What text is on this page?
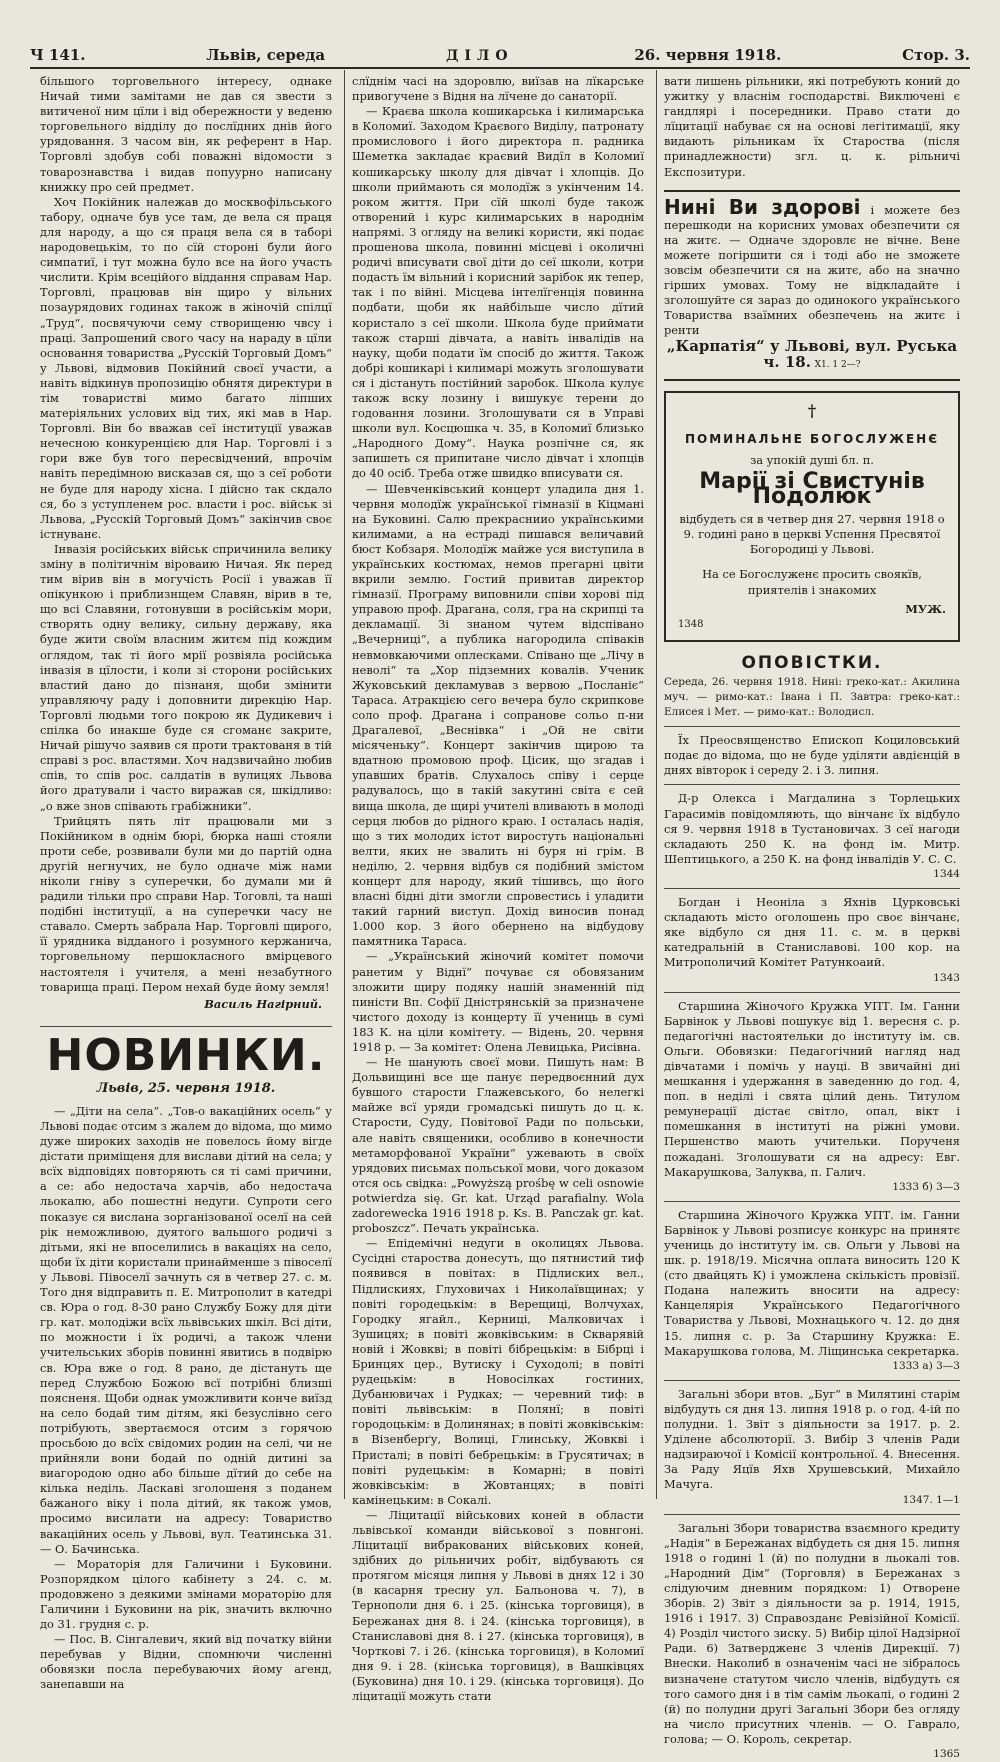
Ч 141.	Львів, середа	ДІЛО	26. червня 1918.	Стор. 3.

більшого торговельного інтересу, однаке Ничай тими замітами не дав ся звести з витиченої ним цїли і від обережности у веденю торговельного відділу до послїдних днів його урядовання. З часом він, як референт в Нар. Торговлі здобув собі поважні відомости з товарознавства і видав попуурно написану книжку про сей предмет.

Хоч Покійник належав до москвофільського табору, одначе був усе там, де вела ся праця для народу, а що ся праця вела ся в таборі народовецькім, то по сїй стороні були його симпатиї, і тут можна було все на його участь числити. Крім всеційого віддання справам Нар. Торговлі, працював він щиро у вільних позаурядових годинах також в жіночій спілцї „Труд“, посвячуючи сему створищеню чвсу і праці. Запрошений свого часу на нараду в цїли основання товариства „Русскій Торговый Домъ“ у Львові, відмовив Покійний своєї участи, а навіть відкинув пропозицію обнятя директури в тім товаристві мимо багато ліпших матеріяльних услових від тих, які мав в Нар. Торговлі. Він бо вважав сеї інституції уважав нечесною конкуренцією для Нар. Торговлі і з гори вже був того пересвідчений, впрочім навіть передімною висказав ся, що з сеї роботи не буде для народу хісна. І дійсно так скдало ся, бо з уступленем рос. власти і рос. військ зі Львова, „Русскій Торговый Домъ“ закінчив своє істнуванє.

Інвазія російських військ спричинила велику зміну в політичнім віроваию Ничая. Як перед тим вірив він в могучість Росії і уважав її опікункою і приблизнщем Славян, вірив в те, що всі Славяни, готонувши в російськім мори, створять одну велику, сильну державу, яка буде жити своїм власним житєм під кождим оглядом, так ті його мрії розвіяла російська інвазія в цїлости, і коли зі сторони російських властий дано до пізнаня, щоби змінити управляючу раду і доповнити дирекцію Нар. Торговлі людьми того покрою як Дудикевич і спілка бо инакше буде ся сгоманє закрите, Ничай рішучо заявив ся проти трактованя в тій справі з рос. властями. Хоч надзвичайно любив спів, то спів рос. салдатів в вулицях Львова його дратували і часто виражав ся, шкідливо: „о вже знов співають грабіжники“.

Трийцять пять літ працювали ми з Покійником в однім бюрі, бюрка наші стояли проти себе, розвивали були ми до партій одна другій негнучих, не було одначе між нами ніколи гніву з суперечки, бо думали ми й радили тільки про справи Нар. Тоговлі, та наші подібні інституції, а на суперечки часу не ставало. Смерть забрала Нар. Торговлі щирого, її урядника відданого і розумного кержанича, торговельному першокласного вмірцевого настоятеля і учителя, а мені незабутного товарища праці. Пером нехай буде йому земля!

Василь Нагірний.
НОВИНКИ.
Львів, 25. червня 1918.

— „Діти на села“. „Тов-о вакаційних осель“ у Львові подає отсим з жалем до відома, що мимо дуже широких заходів не повелось йому вігде дістати приміщеня для вислави дітий на села; у всїх відповідях повторяють ся ті самі причини, а се: або недостача харчів, або недостача льокалю, або пошестні недуги. Супроти сего показує ся вислана зорганізованої оселї на сей рік неможливою, дуятого вальшого родичі з дітьми, які не впоселились в вакаціях на село, щоби їх діти користали принайменше з півоселї у Львові. Півоселї зачнуть ся в четвер 27. с. м. Того дня відправить п. Е. Митрополит в катедрі св. Юра о год. 8-30 рано Службу Божу для діти гр. кат. молодіжи всїх львівських шкіл. Всі діти, по можности і їх родичі, а також члени учительських зборів повинні явитись в подвірю св. Юра вже о год. 8 рано, де дістануть ще перед Службою Божою всї потрібні близші поясненя. Щоби однак уможливити конче виїзд на село бодай тим дітям, які безуслівно сего потрібують, звертаємося отсим з горячою просьбою до всїх свідомих родин на селі, чи не прийняли вони бодай по одній дитині за виагородою одно або більше дїтий до себе на кілька неділь. Ласкаві зголошеня з поданем бажаного віку і пола дітий, як також умов, просимо висилати на адресу: Товариство вакаційних осель у Львові, вул. Театинська 31. — О. Бачинська.

— Мораторія для Галичини і Буковини. Розпорядком цілого кабінету з 24. с. м. продовжено з деякими змінами мораторію для Галичини і Буковини на рік, значить включно до 31. грудня с. р.

— Пос. В. Сінгалевич, який від початку війни перебував у Відни, спомнючи численні обовязки посла перебуваючих йому агенд, занепавши на

слїднім часі на здоровлю, виїзав на лїкарське привогучене з Відня на лїчене до санаторії.

— Краєва школа кошикарська і килимарська в Коломиї. Заходом Краєвого Виділу, патронату промислового і його директора п. радника Шеметка закладає краєвий Видїл в Коломиї кошикарську школу для дівчат і хлопців. До школи приймають ся молодїж з укінченим 14. роком життя. При сїй школі буде також отворений і курс килимарських в народнім напрямі. З огляду на великі користи, які подає прошенова школа, повинні місцеві і околичні родичі вписувати свої діти до сеї школи, котри подасть їм вільний і корисний зарібок як тепер, так і по війні. Місцева інтелїгенція повинна подбати, щоби як найбільше число дїтий користало з сеї школи. Школа буде приймати також старші дівчата, а навіть інвалідів на науку, щоби подати їм спосіб до життя. Також добрі кошикарі і килимарі можуть зголошувати ся і дістануть постійний заробок. Школа кулує також вску лозину і вишукує терени до годовання лозини. Зголошувати ся в Управі школи вул. Косцюшка ч. 35, в Коломиї близько „Народного Дому“. Наука розпічне ся, як запишеть ся припитане число дівчат і хлопців до 40 осіб. Треба отже швидко вписувати ся.

— Шевченківський концерт уладила дня 1. червня молодїж української гімназії в Кіцмані на Буковині. Салю прекрасниио українськими килимами, а на естраді пишався величавий бюст Кобзаря. Молодїж майже уся виступила в українських костюмах, немов прегарні цвіти вкрили землю. Гостий привитав директор гімназії. Програму виповнили співи хорові під управою проф. Драгана, соля, гра на скрипці та декламації. Зі знаном чутем відспівано „Вечерниці“, а публика нагородила співаків невмовкаючими оплесками. Співано ще „Лічу в неволі“ та „Хор підземних ковалів. Ученик Жуковський декламував з вервою „Посланіє“ Тараса. Атракцією сего вечера було скрипкове соло проф. Драгана і сопранове сольо п-ни Драгалевої, „Веснівка“ і „Ой не світи місяченьку“. Концерт закінчив щирою та вдатною промовою проф. Цісик, що згадав і упавших братів. Слухалось співу і серце радувалось, що в такій закутині світа є сей вища школа, де щирі учителі вливають в молоді серця любов до рідного краю. І осталась надія, що з тих молодих істот виростуть національні велти, яких не звалить ні буря ні грім. В неділю, 2. червня відбув ся подібний змістом концерт для народу, який тішивсь, що його власні бідні діти змогли спровестись і уладити такий гарний виступ. Дохід виносив понад 1.000 кор. З його обернено на відбудову памятника Тараса.

— „Український жіночий комітет помочи ранетим у Віднї“ почуває ся обовязаним зложити щиру подяку нашій знаменній під пиністи Вп. Софії Дністрянській за призначене чистого доходу із концерту її учениць в сумі 183 К. на ціли комітету. — Відень, 20. червня 1918 р. — За комітет: Олена Левицька, Рисівна.

— Не шанують своєї мови. Пишуть нам: В Дольвищині все ще панує передвоєнний дух бувшого старости Глажевського, бо нелегкі майже всї уряди громадські пишуть до ц. к. Старости, Суду, Повітової Ради по польськи, але навіть священики, особливо в конечности метаморфованої України“ ужевають в своїх урядових письмах польської мови, чого доказом отся ось свідка: „Powyższą prośbę w celi osnowie potwierdza się. Gr. kat. Urząd parafialny. Wola zadorewecka 1916 1918 p. Ks. B. Panczak gr. kat. proboszcz“. Печать українська.

— Епідемічні недуги в околицях Львова. Сусідні староства донесуть, що пятнистий тиф появився в повітах: в Підлиских вел., Підлискиях, Глуховичах і Николаївщинах; у повіті городецькім: в Верещиці, Волчухах, Городку ягайл., Керниці, Малковичах і Зушицях; в повіті жовківським: в Скварявій новій і Жовкві; в повіті бібрецькім: в Бібрці і Бринцях цер., Вутиску і Суходолі; в повіті рудецькім: в Новосілках гостиних, Дубанювичах і Рудках; — черевний тиф: в повіті львівськім: в Полянї; в повіті городоцькім: в Долинянах; в повіті жовківськім: в Візенберґу, Волиці, Глинську, Жовкві і Присталі; в повіті бебрецькім: в Грусятичах; в повіті рудецькім: в Комарні; в повіті жовківськім: в Жовтанцях; в повіті камінецьким: в Сокалі.

— Ліцитації військових коней в области львівської команди військової з повнгоні. Ліцитації вибракованих військових коней, здібних до рільничих робіт, відбувають ся протягом місяця липня у Львові в днях 12 і 30 (в касарня тресну ул. Бальонова ч. 7), в Тернополи дня 6. і 25. (кінська торговиця), в Бережанах дня 8. і 24. (кінська торговиця), в Станиславові дня 8. і 27. (кінська торговиця), в Чорткові 7. і 26. (кінська торговиця), в Коломиї дня 9. і 28. (кінська торговиця), в Вашківцях (Буковина) дня 10. і 29. (кінська торговиця). До ліцитації можуть стати

вати лишень рільники, які потребують коний до ужитку у власнім господарстві. Виключені є гандлярі і посередники. Право стати до лїцитації набуває ся на основі легітимації, яку видають рільникам їх Староства (після принадлежности) згл. ц. к. рільничі Експозитури.

Нині Ви здорові і можете без перешкоди на корисних умовах обезпечити ся на житє. — Одначе здоровлє не вічне. Вене можете погіршити ся і тоді або не зможете зовсім обезпечити ся на житє, або на значно гірших умовах. Тому не відкладайте і зголошуйте ся зараз до одинокого українського Товариства взаїмних обезпечень на житє і ренти

„Карпатія“ у Львові, вул. Руська ч. 18. Х1. 1 2—?

†
ПОМИНАЛЬНЕ БОГОСЛУЖЕНЄ
за упокій душі бл. п.
Марії зі Свистунів Подолюк
відбудеть ся в четвер дня 27. червня 1918 о 9. годині рано в церкві Успення Пресвятої Богородиці у Львові.
На се Богослуженє просить своякїв, приятелів і знакомих
МУЖ.
1348
ОПОВІСТКИ.

Середа, 26. червня 1918. Нині: греко-кат.: Акилина муч. — римо-кат.: Івана і П. Завтра: греко-кат.: Елисея і Мет. — римо-кат.: Володисл.

Їх Преосвященство Епископ Коциловський подає до відома, що не буде уділяти авдієнцій в днях вівторок і середу 2. і 3. липня.

Д-р Олекса і Магдалина з Торлецьких Гарасимів повідомляють, що вінчанє їх відбуло ся 9. червня 1918 в Тустановичах. З сеї нагоди складають 250 К. на фонд ім. Митр. Шептицького, а 250 К. на фонд інвалідів У. С. С.

1344

Богдан і Неоніла з Яхнів Цурковські складають місто оголошень про своє вінчанє, яке відбуло ся дня 11. с. м. в церкві катедральній в Станиславові. 100 кор. на Митрополичий Комітет Ратункоаий.

1343

Старшина Жіночого Кружка УПТ. Ім. Ганни Барвінок у Львові пошукує від 1. вересня с. р. педагогічні настоятельки до інституту ім. св. Ольги. Обовязки: Педагогічний нагляд над дівчатами і помічь у науці. В звичайні дні мешкання і удержання в заведенню до год. 4, поп. в неділі і свята цілий день. Титулом ремунерації дістає світло, опал, вікт і помешкання в інституті на ріжні умови. Першенство мають учительки. Порученя пожадані. Зголошувати ся на адресу: Евг. Макарушкова, Залуква, п. Галич.

1333 б) 3—3

Старшина Жіночого Кружка УПТ. ім. Ганни Барвінок у Львові розписує конкурс на принятє учениць до інституту ім. св. Ольги у Львові на шк. р. 1918/19. Місячна оплата виносить 120 К (сто двайцять К) і уможлена скількість провізії. Подана належить вносити на адресу: Канцелярія Українського Педагогічного Товариства у Львові, Мохнацького ч. 12. до дня 15. липня с. р. За Старшину Кружка: Е. Макарушкова голова, М. Ліщинська секретарка.

1333 а) 3—3

Загальні збори втов. „Буг“ в Милятині старім відбудуть ся дня 13. липня 1918 р. о год. 4-ій по полудни. 1. Звіт з діяльности за 1917. р. 2. Уділене абсолюторії. 3. Вибір 3 членів Ради надзираючої і Комісії контрольної. 4. Внесення. За Раду Яцїв Яхв Хрушевський, Михайло Мачуга.

1347. 1—1

Загальні Збори товариства взаємного кредиту „Надія“ в Бережанах відбудеть ся дня 15. липня 1918 о годині 1 (й) по полудни в льокалі тов. „Народний Дім“ (Торговля) в Бережанах з слідуючим дневним порядком: 1) Отворене Зборів. 2) Звіт з діяльности за р. 1914, 1915, 1916 і 1917. 3) Справозданє Ревізійної Комісії. 4) Розділ чистого зиску. 5) Вибір цілої Надзірної Ради. 6) Затвердженє 3 членів Дирекції. 7) Внески. Наколиб в означенім часі не зібралось визначене статутом число членів, відбудуть ся того самого дня і в тім самім льокалі, о годині 2 (й) по полудни другі Загальні Збори без огляду на число присутних членів. — О. Гаврало, голова; — О. Король, секретар.

1365
